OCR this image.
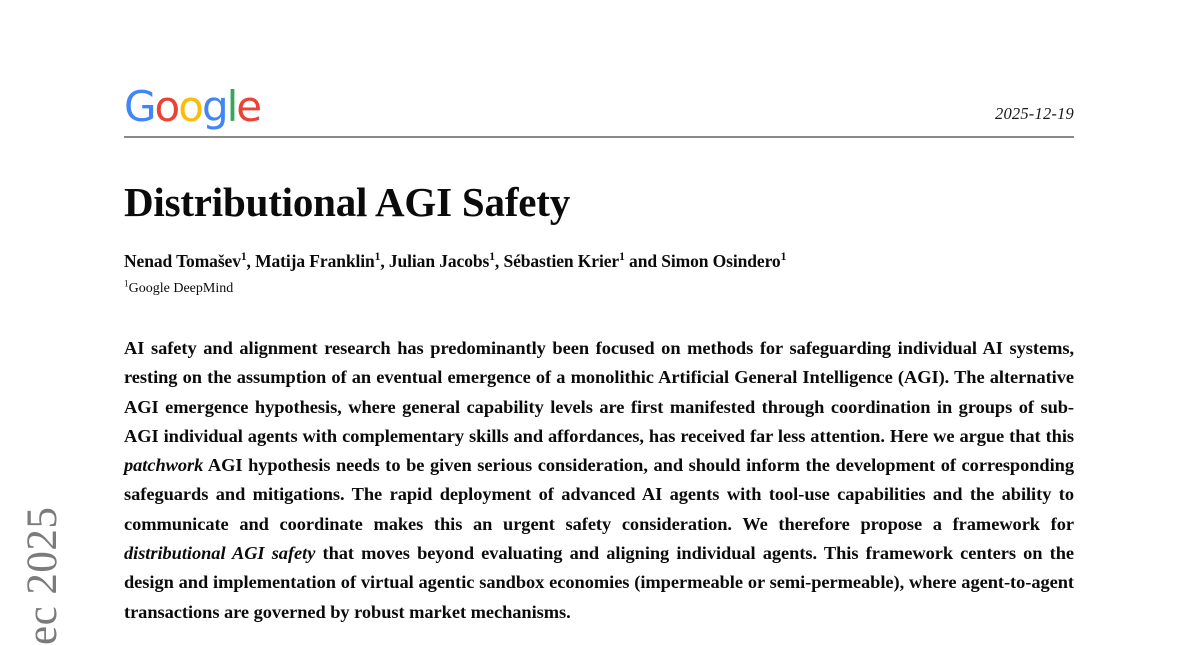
ec 2025
Google	2025-12-19
Distributional AGI Safety

Nenad Tomašev$^1$, Matija Franklin$^1$, Julian Jacobs$^1$, Sébastien Krier$^1$ and Simon Osindero$^1$

$^1$Google DeepMind

AI safety and alignment research has predominantly been focused on methods for safeguarding individual AI systems, resting on the assumption of an eventual emergence of a monolithic Artificial General Intelligence (AGI). The alternative AGI emergence hypothesis, where general capability levels are first manifested through coordination in groups of sub-AGI individual agents with complementary skills and affordances, has received far less attention. Here we argue that this patchwork AGI hypothesis needs to be given serious consideration, and should inform the development of corresponding safeguards and mitigations. The rapid deployment of advanced AI agents with tool-use capabilities and the ability to communicate and coordinate makes this an urgent safety consideration. We therefore propose a framework for distributional AGI safety that moves beyond evaluating and aligning individual agents. This framework centers on the design and implementation of virtual agentic sandbox economies (impermeable or semi-permeable), where agent-to-agent transactions are governed by robust market mechanisms.
